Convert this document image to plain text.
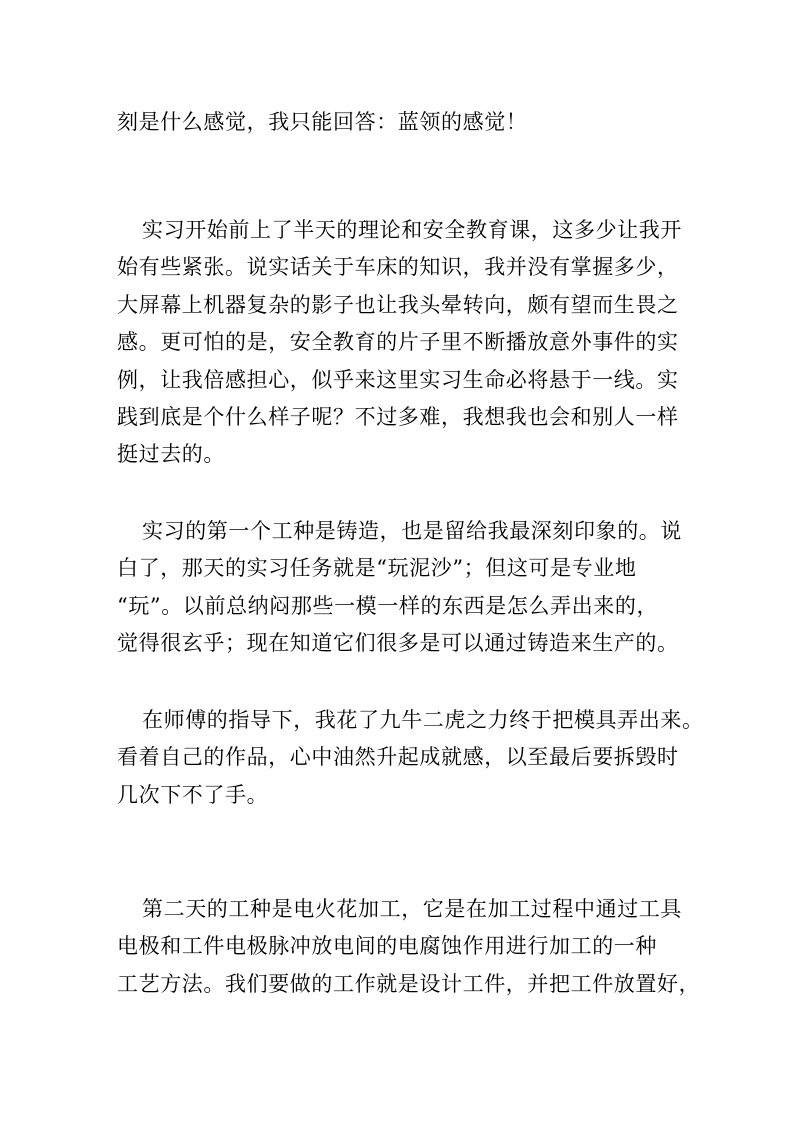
刻是什么感觉，我只能回答：蓝领的感觉！
实习开始前上了半天的理论和安全教育课，这多少让我开
始有些紧张。说实话关于车床的知识，我并没有掌握多少，
大屏幕上机器复杂的影子也让我头晕转向，颇有望而生畏之
感。更可怕的是，安全教育的片子里不断播放意外事件的实
例，让我倍感担心，似乎来这里实习生命必将悬于一线。实
践到底是个什么样子呢？不过多难，我想我也会和别人一样
挺过去的。
实习的第一个工种是铸造，也是留给我最深刻印象的。说
白了，那天的实习任务就是“玩泥沙”；但这可是专业地
“玩”。以前总纳闷那些一模一样的东西是怎么弄出来的，
觉得很玄乎；现在知道它们很多是可以通过铸造来生产的。
在师傅的指导下，我花了九牛二虎之力终于把模具弄出来。
看着自己的作品，心中油然升起成就感，以至最后要拆毁时
几次下不了手。
第二天的工种是电火花加工，它是在加工过程中通过工具
电极和工件电极脉冲放电间的电腐蚀作用进行加工的一种
工艺方法。我们要做的工作就是设计工件，并把工件放置好，
